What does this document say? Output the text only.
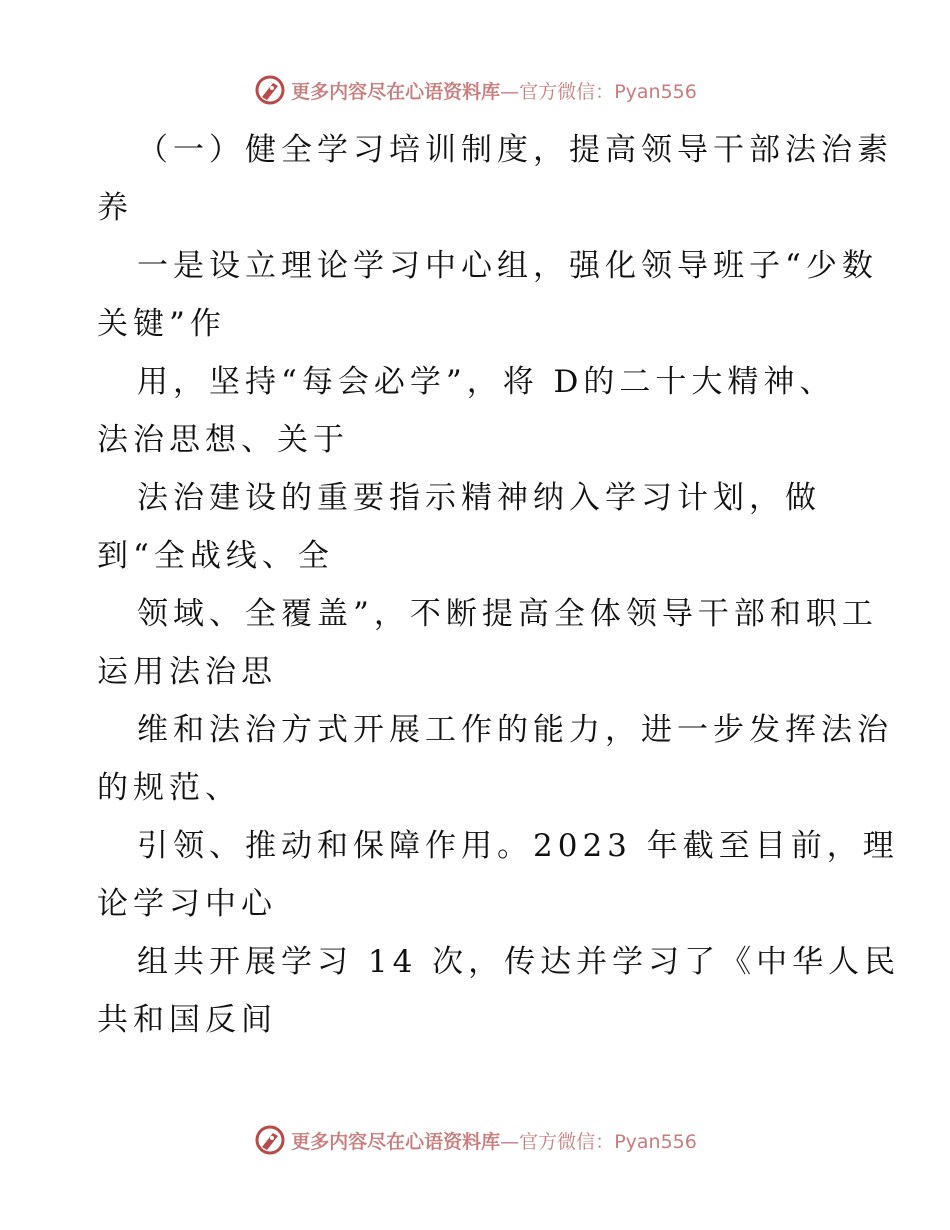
更多内容尽在心语资料库—官方微信：Pyan556
（一）健全学习培训制度，提高领导干部法治素
养
一是设立理论学习中心组，强化领导班子“少数
关键”作
用，坚持“每会必学”，将 D的二十大精神、
法治思想、关于
法治建设的重要指示精神纳入学习计划，做
到“全战线、全
领域、全覆盖”，不断提高全体领导干部和职工
运用法治思
维和法治方式开展工作的能力，进一步发挥法治
的规范、
引领、推动和保障作用。2023 年截至目前，理
论学习中心
组共开展学习 14 次，传达并学习了《中华人民
共和国反间
更多内容尽在心语资料库—官方微信：Pyan556
